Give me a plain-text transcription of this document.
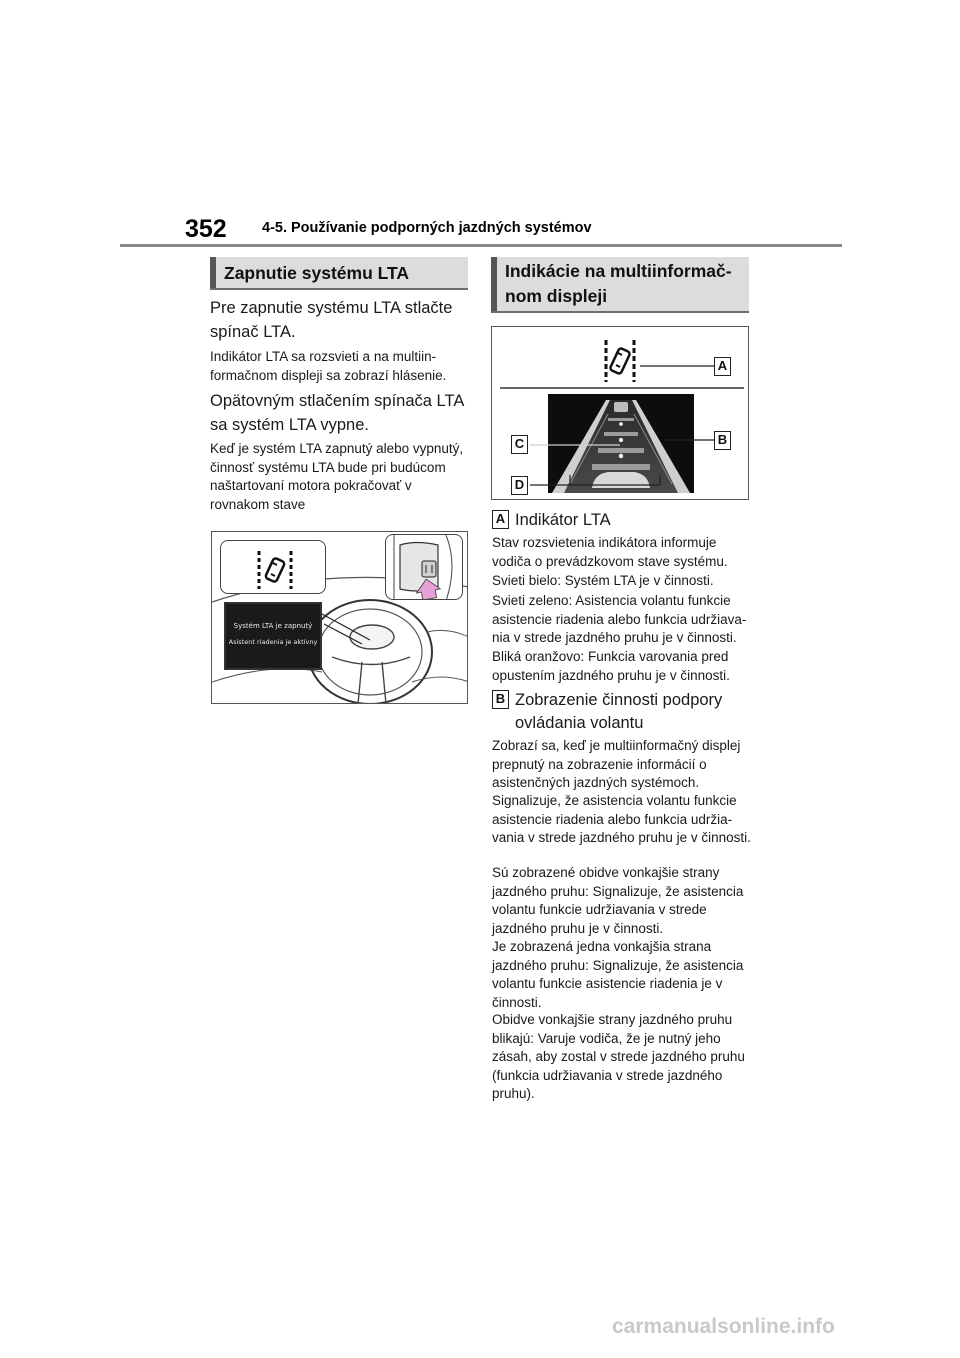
352 4-5. Používanie podporných jazdných systémov
Zapnutie systému LTA
Pre zapnutie systému LTA stlačte spínač LTA.
Indikátor LTA sa rozsvieti a na multiinformačnom displeji sa zobrazí hlásenie.
Opätovným stlačením spínača LTA sa systém LTA vypne.
Keď je systém LTA zapnutý alebo vypnutý, činnosť systému LTA bude pri budúcom naštartovaní motora pokračovať v rovnakom stave
Systém LTA je zapnutý
Asistent riadenia je aktívny
Indikácie na multiinformač-
nom displeji
A
B
C
D
A Indikátor LTA
Stav rozsvietenia indikátora informuje vodiča o prevádzkovom stave systému.
Svieti bielo: Systém LTA je v činnosti.
Svieti zeleno: Asistencia volantu funkcie asistencie riadenia alebo funkcia udržiavania v strede jazdného pruhu je v činnosti.
Bliká oranžovo: Funkcia varovania pred opustením jazdného pruhu je v činnosti.
B Zobrazenie činnosti podpory
ovládania volantu
Zobrazí sa, keď je multiinformačný displej prepnutý na zobrazenie informácií o asistenčných jazdných systémoch.
Signalizuje, že asistencia volantu funkcie asistencie riadenia alebo funkcia udržiavania v strede jazdného pruhu je v činnosti.
Sú zobrazené obidve vonkajšie strany jazdného pruhu: Signalizuje, že asistencia volantu funkcie udržiavania v strede jazdného pruhu je v činnosti.
Je zobrazená jedna vonkajšia strana jazdného pruhu: Signalizuje, že asistencia volantu funkcie asistencie riadenia je v činnosti.
Obidve vonkajšie strany jazdného pruhu blikajú: Varuje vodiča, že je nutný jeho zásah, aby zostal v strede jazdného pruhu (funkcia udržiavania v strede jazdného pruhu).
carmanualsonline.info
